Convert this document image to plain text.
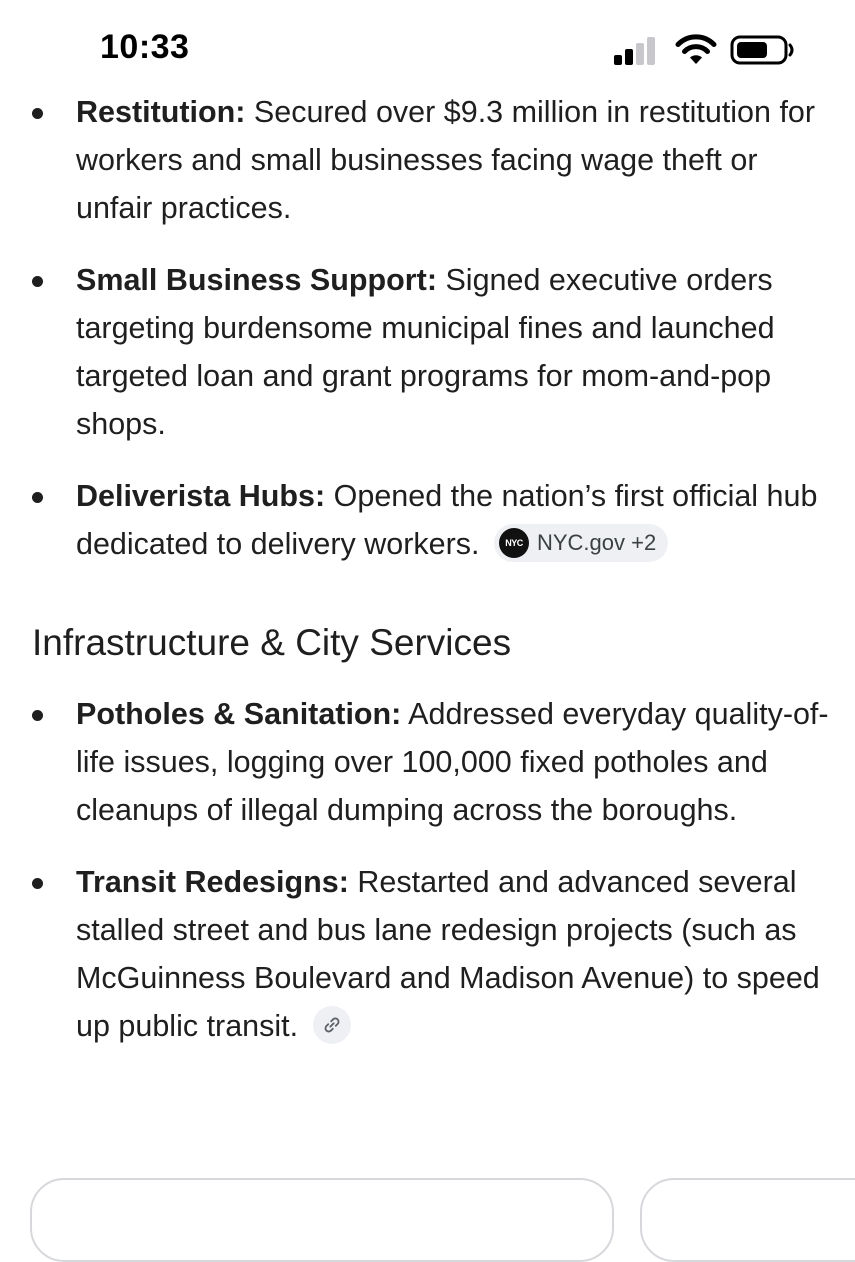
10:33
Restitution: Secured over $9.3 million in restitution for workers and small businesses facing wage theft or unfair practices.
Small Business Support: Signed executive orders targeting burdensome municipal fines and launched targeted loan and grant programs for mom-and-pop shops.
Deliverista Hubs: Opened the nation’s first official hub dedicated to delivery workers.	NYC NYC.gov +2
Infrastructure & City Services
Potholes & Sanitation: Addressed everyday quality-of-life issues, logging over 100,000 fixed potholes and cleanups of illegal dumping across the boroughs.
Transit Redesigns: Restarted and advanced several stalled street and bus lane redesign projects (such as McGuinness Boulevard and Madison Avenue) to speed up public transit.
